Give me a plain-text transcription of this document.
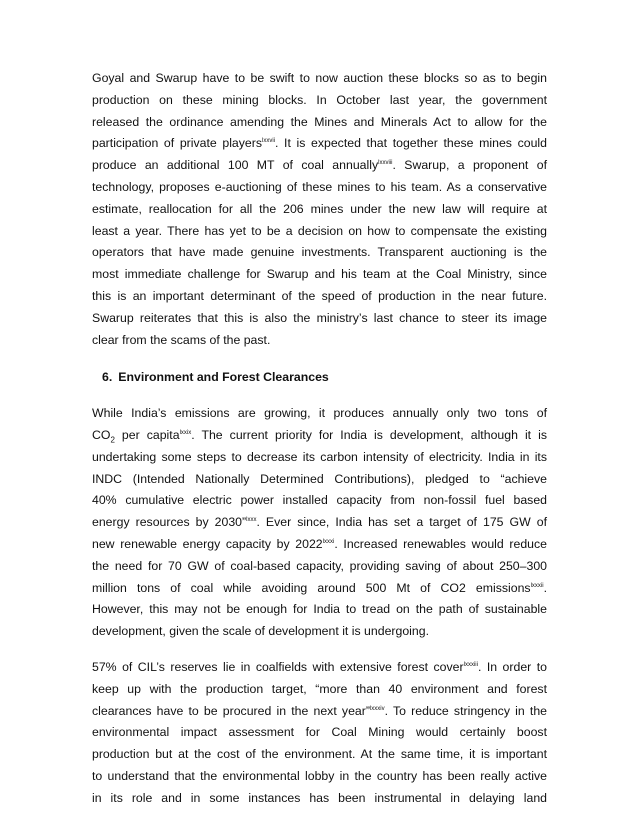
Goyal and Swarup have to be swift to now auction these blocks so as to begin
production on these mining blocks. In October last year, the government
released the ordinance amending the Mines and Minerals Act to allow for the
participation of private players$^{lxxvii}$. It is expected that together these mines could
produce an additional 100 MT of coal annually$^{lxxviii}$. Swarup, a proponent of
technology, proposes e-auctioning of these mines to his team. As a conservative
estimate, reallocation for all the 206 mines under the new law will require at
least a year. There has yet to be a decision on how to compensate the existing
operators that have made genuine investments. Transparent auctioning is the
most immediate challenge for Swarup and his team at the Coal Ministry, since
this is an important determinant of the speed of production in the near future.
Swarup reiterates that this is also the ministry’s last chance to steer its image
clear from the scams of the past.
6. Environment and Forest Clearances
While India’s emissions are growing, it produces annually only two tons of
$CO_2$ per capita$^{lxxix}$. The current priority for India is development, although it is
undertaking some steps to decrease its carbon intensity of electricity. India in its
INDC (Intended Nationally Determined Contributions), pledged to “achieve
40% cumulative electric power installed capacity from non-fossil fuel based
energy resources by 2030”$^{lxxx}$. Ever since, India has set a target of 175 GW of
new renewable energy capacity by $2022^{lxxxi}$. Increased renewables would reduce
the need for 70 GW of coal-based capacity, providing saving of about 250–300
million tons of coal while avoiding around 500 Mt of CO2 emissions$^{lxxxii}$.
However, this may not be enough for India to tread on the path of sustainable
development, given the scale of development it is undergoing.
57% of CIL’s reserves lie in coalfields with extensive forest cover$^{lxxxiii}$. In order to
keep up with the production target, “more than 40 environment and forest
clearances have to be procured in the next year”$^{lxxxiv}$. To reduce stringency in the
environmental impact assessment for Coal Mining would certainly boost
production but at the cost of the environment. At the same time, it is important
to understand that the environmental lobby in the country has been really active
in its role and in some instances has been instrumental in delaying land
